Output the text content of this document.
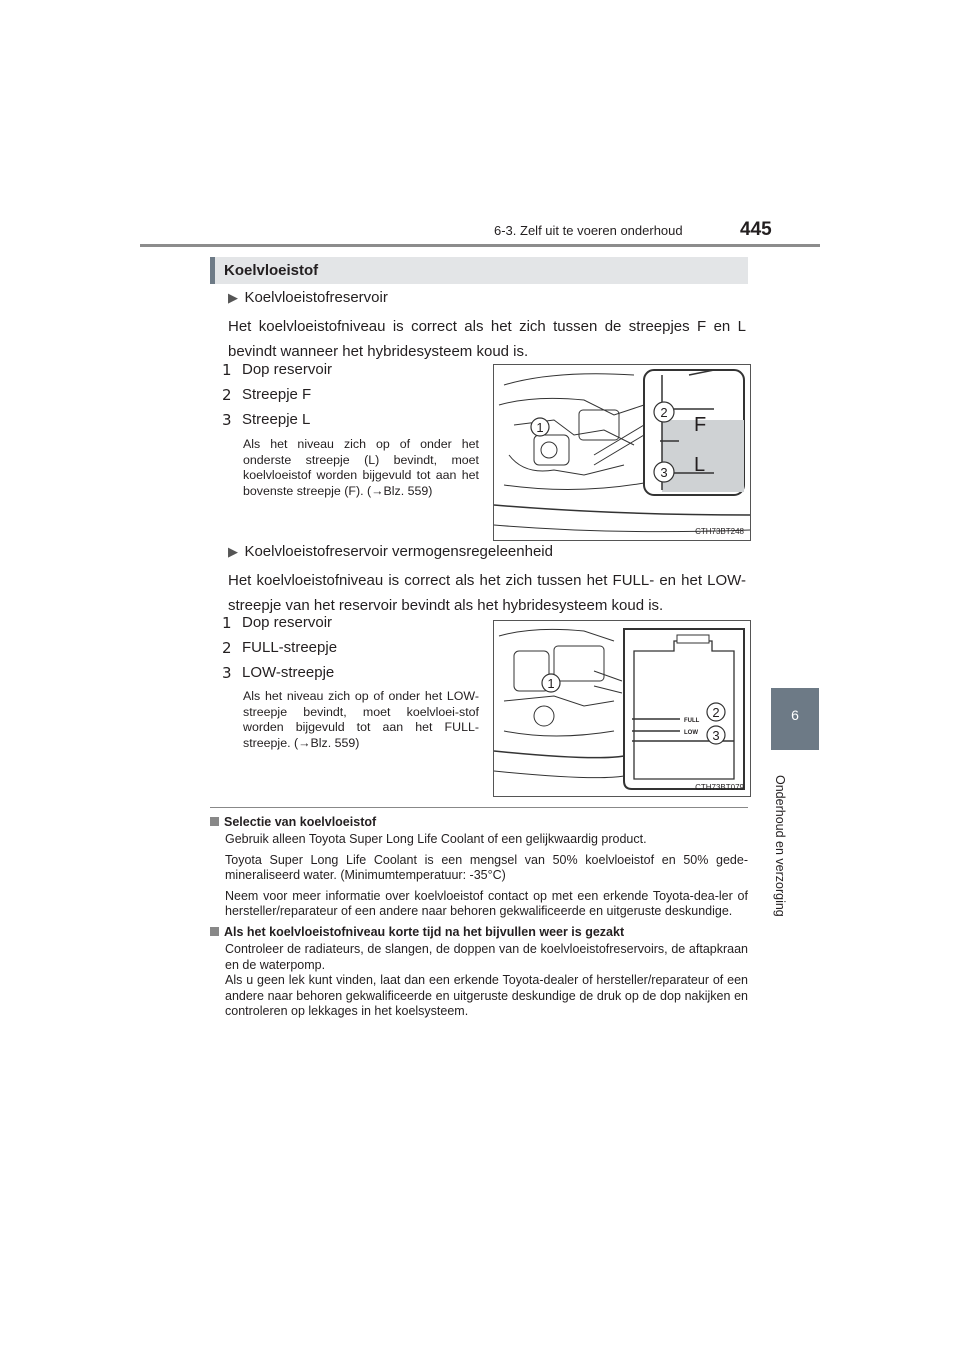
6-3. Zelf uit te voeren onderhoud	445
6
Onderhoud en verzorging
Koelvloeistof
▶ Koelvloeistofreservoir
Het koelvloeistofniveau is correct als het zich tussen de streepjes F en L bevindt wanneer het hybridesysteem koud is.
1 Dop reservoir
2 Streepje F
3 Streepje L
Als het niveau zich op of onder het onderste streepje (L) bevindt, moet koelvloeistof worden bijgevuld tot aan het bovenste streepje (F). (→Blz. 559)
1
2
3
F
L
CTH73BT248
▶ Koelvloeistofreservoir vermogensregeleenheid
Het koelvloeistofniveau is correct als het zich tussen het FULL- en het LOW-streepje van het reservoir bevindt als het hybridesysteem koud is.
1 Dop reservoir
2 FULL-streepje
3 LOW-streepje
Als het niveau zich op of onder het LOW-streepje bevindt, moet koelvloei-stof worden bijgevuld tot aan het FULL-streepje. (→Blz. 559)
FULL
LOW
1
2
3
CTH73BT079
Selectie van koelvloeistof
Gebruik alleen Toyota Super Long Life Coolant of een gelijkwaardig product.
Toyota Super Long Life Coolant is een mengsel van 50% koelvloeistof en 50% gede-mineraliseerd water. (Minimumtemperatuur: -35°C)
Neem voor meer informatie over koelvloeistof contact op met een erkende Toyota-dea-ler of hersteller/reparateur of een andere naar behoren gekwalificeerde en uitgeruste deskundige.
Als het koelvloeistofniveau korte tijd na het bijvullen weer is gezakt
Controleer de radiateurs, de slangen, de doppen van de koelvloeistofreservoirs, de aftapkraan en de waterpomp.
Als u geen lek kunt vinden, laat dan een erkende Toyota-dealer of hersteller/reparateur of een andere naar behoren gekwalificeerde en uitgeruste deskundige de druk op de dop nakijken en controleren op lekkages in het koelsysteem.
